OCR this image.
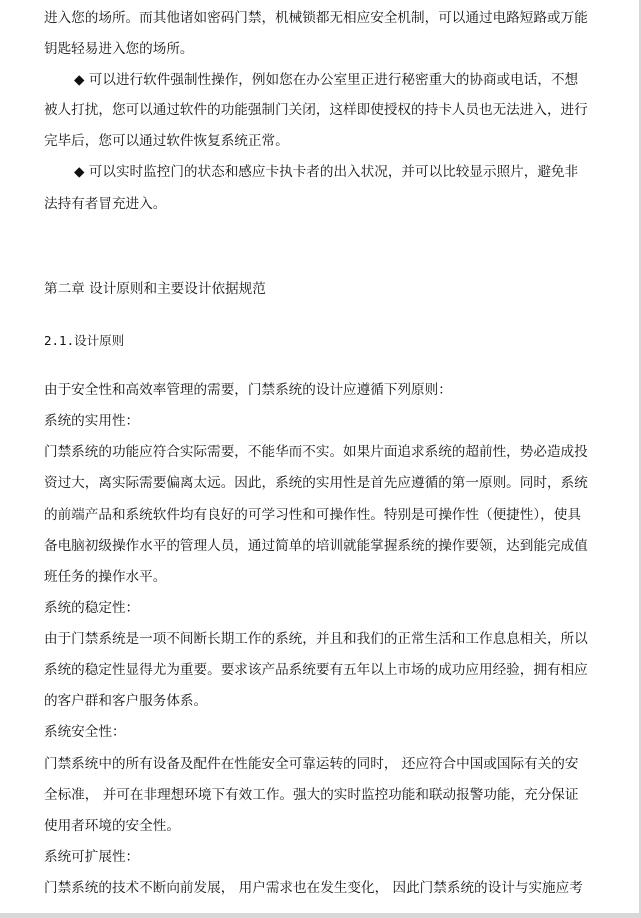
进入您的场所。而其他诸如密码门禁，机械锁都无相应安全机制，可以通过电路短路或万能
钥匙轻易进入您的场所。
◆ 可以进行软件强制性操作，例如您在办公室里正进行秘密重大的协商或电话，不想
被人打扰，您可以通过软件的功能强制门关闭，这样即使授权的持卡人员也无法进入，进行
完毕后，您可以通过软件恢复系统正常。
◆ 可以实时监控门的状态和感应卡执卡者的出入状况，并可以比较显示照片，避免非
法持有者冒充进入。
第二章 设计原则和主要设计依据规范
2.1.设计原则
由于安全性和高效率管理的需要，门禁系统的设计应遵循下列原则：
系统的实用性：
门禁系统的功能应符合实际需要，不能华而不实。如果片面追求系统的超前性，势必造成投
资过大，离实际需要偏离太远。因此，系统的实用性是首先应遵循的第一原则。同时，系统
的前端产品和系统软件均有良好的可学习性和可操作性。特别是可操作性（便捷性），使具
备电脑初级操作水平的管理人员，通过简单的培训就能掌握系统的操作要领，达到能完成值
班任务的操作水平。
系统的稳定性：
由于门禁系统是一项不间断长期工作的系统，并且和我们的正常生活和工作息息相关，所以
系统的稳定性显得尤为重要。要求该产品系统要有五年以上市场的成功应用经验，拥有相应
的客户群和客户服务体系。
系统安全性：
门禁系统中的所有设备及配件在性能安全可靠运转的同时， 还应符合中国或国际有关的安
全标准， 并可在非理想环境下有效工作。强大的实时监控功能和联动报警功能，充分保证
使用者环境的安全性。
系统可扩展性：
门禁系统的技术不断向前发展， 用户需求也在发生变化， 因此门禁系统的设计与实施应考
